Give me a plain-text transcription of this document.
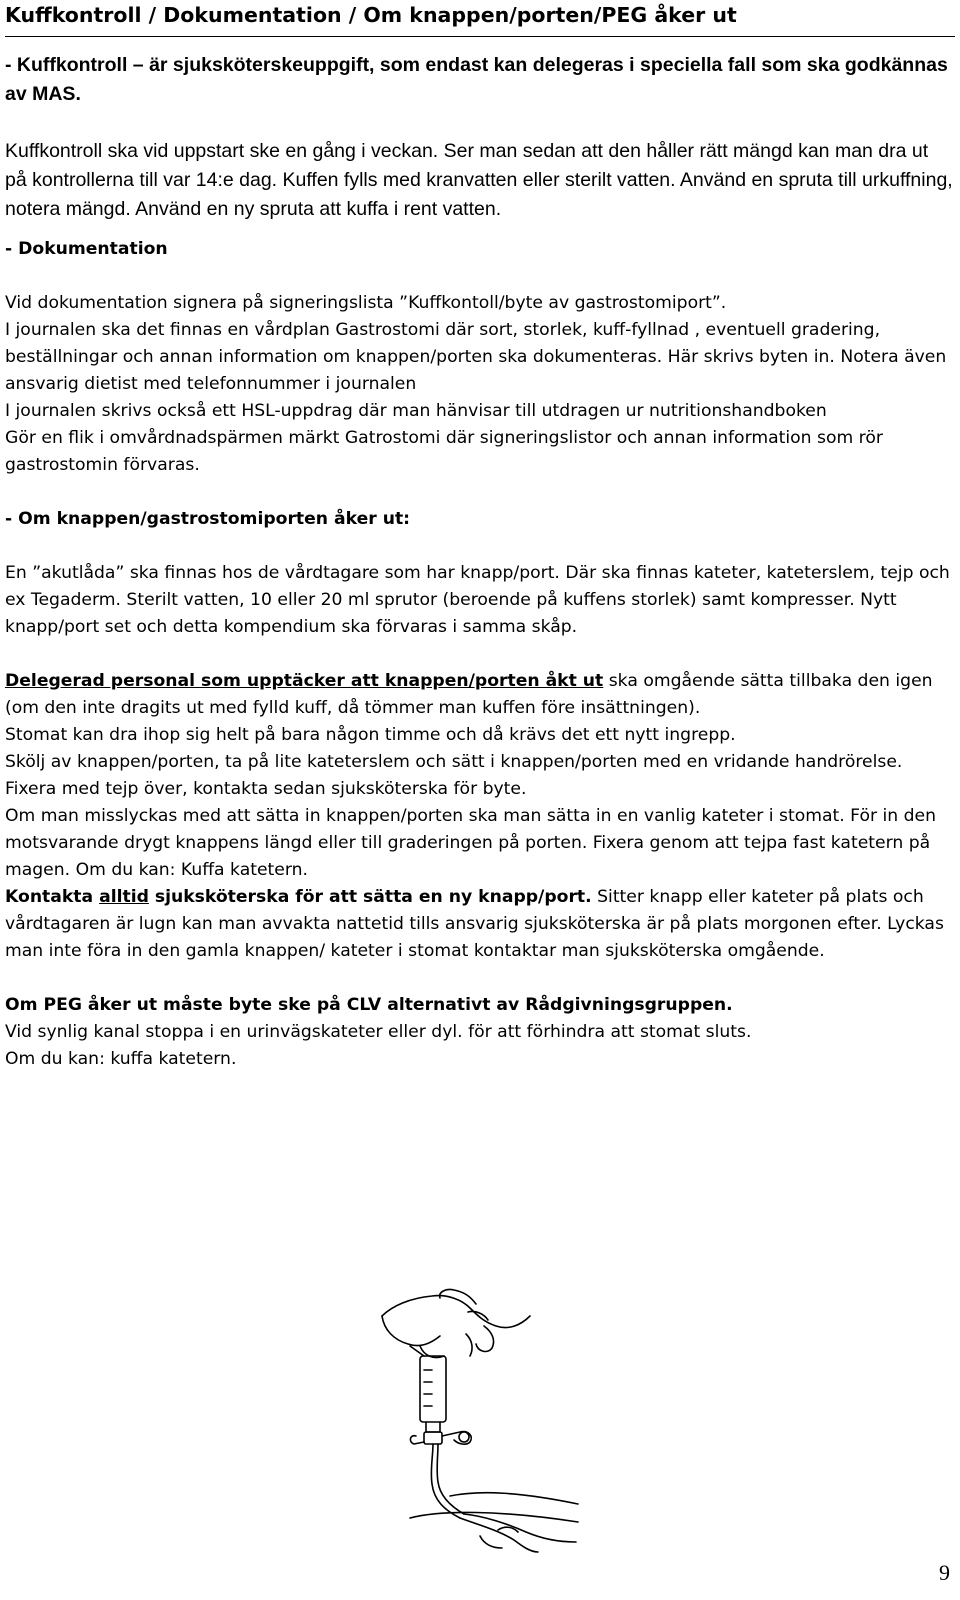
Kuffkontroll / Dokumentation / Om knappen/porten/PEG åker ut

- Kuffkontroll – är sjuksköterskeuppgift, som endast kan delegeras i speciella fall som ska godkännas av MAS.

Kuffkontroll ska vid uppstart ske en gång i veckan. Ser man sedan att den håller rätt mängd kan man dra ut på kontrollerna till var 14:e dag. Kuffen fylls med kranvatten eller sterilt vatten. Använd en spruta till urkuffning, notera mängd. Använd en ny spruta att kuffa i rent vatten.

- Dokumentation

Vid dokumentation signera på signeringslista ”Kuffkontoll/byte av gastrostomiport”.

I journalen ska det finnas en vårdplan Gastrostomi där sort, storlek, kuff-fyllnad , eventuell gradering, beställningar och annan information om knappen/porten ska dokumenteras. Här skrivs byten in. Notera även ansvarig dietist med telefonnummer i journalen

I journalen skrivs också ett HSL-uppdrag där man hänvisar till utdragen ur nutritionshandboken

Gör en flik i omvårdnadspärmen märkt Gatrostomi där signeringslistor och annan information som rör gastrostomin förvaras.

- Om knappen/gastrostomiporten åker ut:

En ”akutlåda” ska finnas hos de vårdtagare som har knapp/port. Där ska finnas kateter, kateterslem, tejp och ex Tegaderm. Sterilt vatten, 10 eller 20 ml sprutor (beroende på kuffens storlek) samt kompresser. Nytt knapp/port set och detta kompendium ska förvaras i samma skåp.

Delegerad personal som upptäcker att knappen/porten åkt ut ska omgående sätta tillbaka den igen (om den inte dragits ut med fylld kuff, då tömmer man kuffen före insättningen).

Stomat kan dra ihop sig helt på bara någon timme och då krävs det ett nytt ingrepp.

Skölj av knappen/porten, ta på lite kateterslem och sätt i knappen/porten med en vridande handrörelse.

Fixera med tejp över, kontakta sedan sjuksköterska för byte.

Om man misslyckas med att sätta in knappen/porten ska man sätta in en vanlig kateter i stomat. För in den motsvarande drygt knappens längd eller till graderingen på porten. Fixera genom att tejpa fast katetern på magen. Om du kan: Kuffa katetern.

Kontakta alltid sjuksköterska för att sätta en ny knapp/port. Sitter knapp eller kateter på plats och vårdtagaren är lugn kan man avvakta nattetid tills ansvarig sjuksköterska är på plats morgonen efter. Lyckas man inte föra in den gamla knappen/ kateter i stomat kontaktar man sjuksköterska omgående.

Om PEG åker ut måste byte ske på CLV alternativt av Rådgivningsgruppen.

Vid synlig kanal stoppa i en urinvägskateter eller dyl. för att förhindra att stomat sluts.

Om du kan: kuffa katetern.

9
